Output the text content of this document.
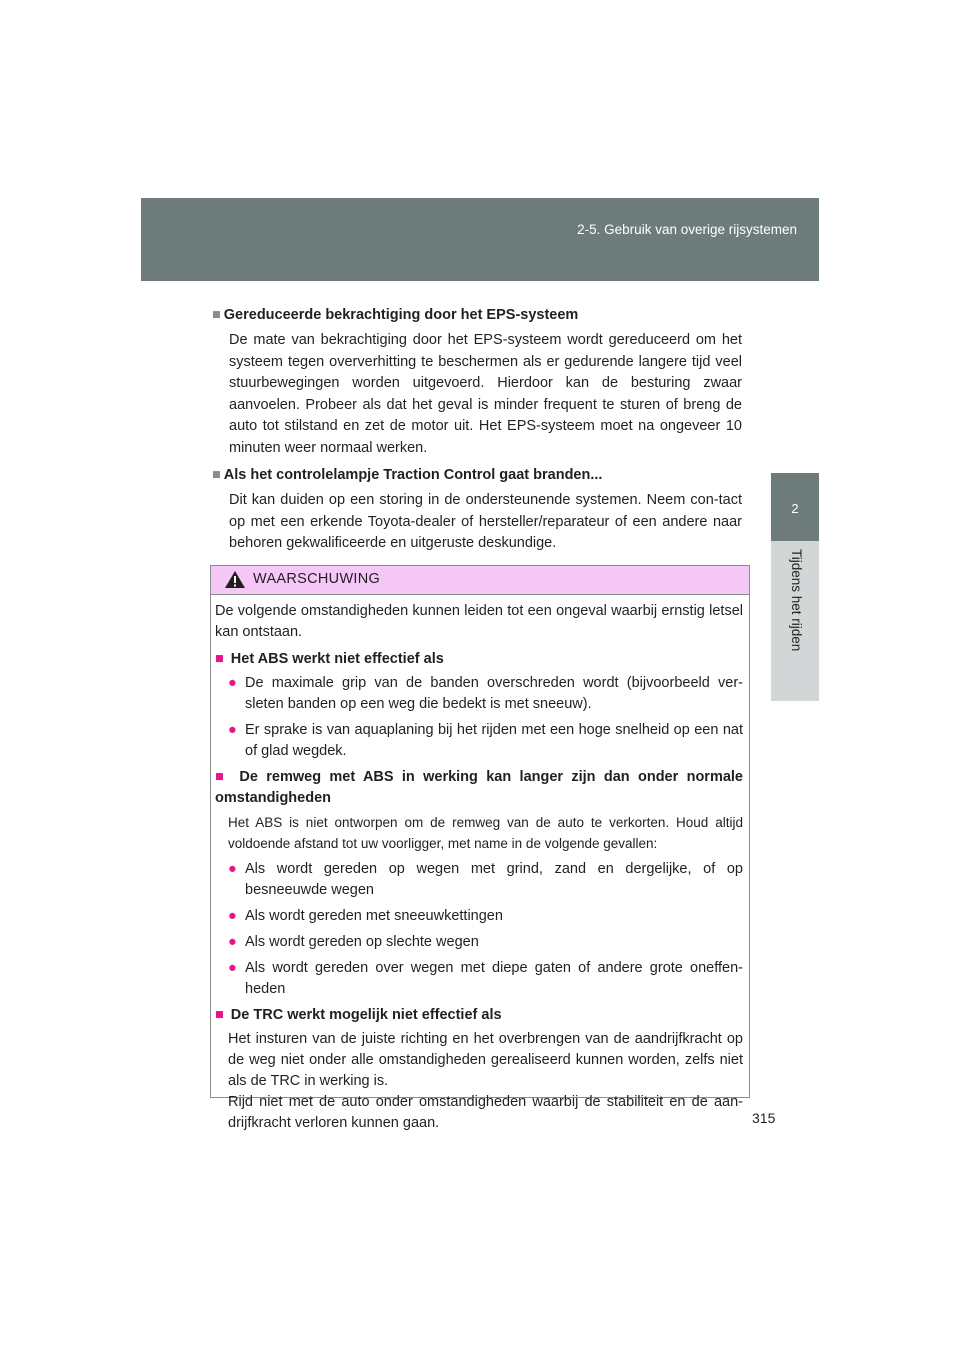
2-5. Gebruik van overige rijsystemen
2
Tijdens het rijden

■ Gereduceerde bekrachtiging door het EPS-systeem

De mate van bekrachtiging door het EPS-systeem wordt gereduceerd om het systeem tegen oververhitting te beschermen als er gedurende langere tijd veel stuurbewegingen worden uitgevoerd. Hierdoor kan de besturing zwaar aanvoelen. Probeer als dat het geval is minder frequent te sturen of breng de auto tot stilstand en zet de motor uit. Het EPS-systeem moet na ongeveer 10 minuten weer normaal werken.

■ Als het controlelampje Traction Control gaat branden...

Dit kan duiden op een storing in de ondersteunende systemen. Neem con-tact op met een erkende Toyota-dealer of hersteller/reparateur of een andere naar behoren gekwalificeerde en uitgeruste deskundige.

WAARSCHUWING

De volgende omstandigheden kunnen leiden tot een ongeval waarbij ernstig letsel kan ontstaan.

■ Het ABS werkt niet effectief als

● De maximale grip van de banden overschreden wordt (bijvoorbeeld ver-sleten banden op een weg die bedekt is met sneeuw).
● Er sprake is van aquaplaning bij het rijden met een hoge snelheid op een nat of glad wegdek.

■ De remweg met ABS in werking kan langer zijn dan onder normale omstandigheden

Het ABS is niet ontworpen om de remweg van de auto te verkorten. Houd altijd voldoende afstand tot uw voorligger, met name in de volgende gevallen:

● Als wordt gereden op wegen met grind, zand en dergelijke, of op besneeuwde wegen
● Als wordt gereden met sneeuwkettingen
● Als wordt gereden op slechte wegen
● Als wordt gereden over wegen met diepe gaten of andere grote oneffen-heden

■ De TRC werkt mogelijk niet effectief als

Het insturen van de juiste richting en het overbrengen van de aandrijfkracht op de weg niet onder alle omstandigheden gerealiseerd kunnen worden, zelfs niet als de TRC in werking is.

Rijd niet met de auto onder omstandigheden waarbij de stabiliteit en de aan-drijfkracht verloren kunnen gaan.	315
